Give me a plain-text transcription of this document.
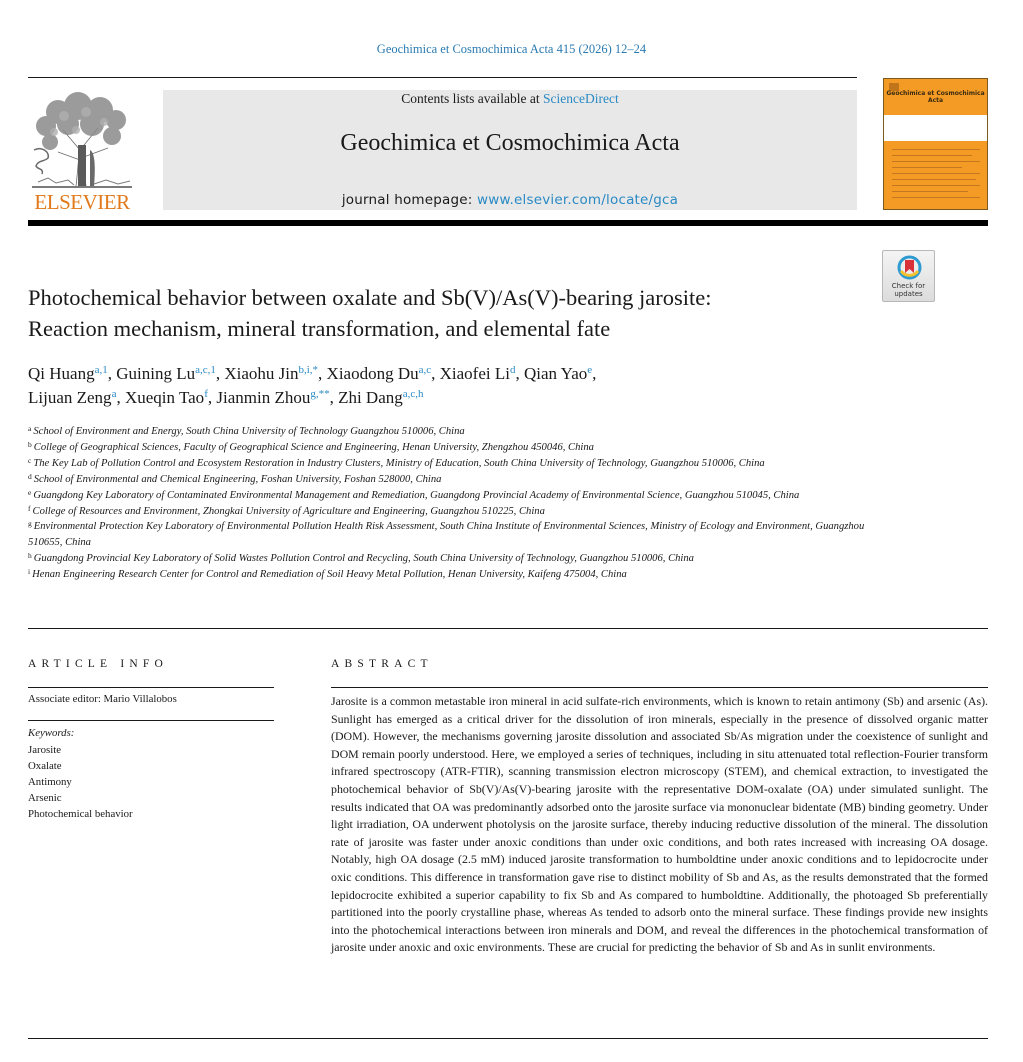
Geochimica et Cosmochimica Acta 415 (2026) 12–24
ELSEVIER
Contents lists available at ScienceDirect
Geochimica et Cosmochimica Acta
journal homepage: www.elsevier.com/locate/gca
Geochimica et Cosmochimica Acta
Check for
updates
Photochemical behavior between oxalate and Sb(V)/As(V)-bearing jarosite:
Reaction mechanism, mineral transformation, and elemental fate
Qi Huang$^{a,1}$, Guining Lu$^{a,c,1}$, Xiaohu Jin$^{b,i,*}$, Xiaodong Du$^{a,c}$, Xiaofei Li$^d$, Qian Yao$^e$,
Lijuan Zeng$^a$, Xueqin Tao$^f$, Jianmin Zhou$^{g,**}$, Zhi Dang$^{a,c,h}$
$^a$ School of Environment and Energy, South China University of Technology Guangzhou 510006, China
$^b$ College of Geographical Sciences, Faculty of Geographical Science and Engineering, Henan University, Zhengzhou 450046, China
$^c$ The Key Lab of Pollution Control and Ecosystem Restoration in Industry Clusters, Ministry of Education, South China University of Technology, Guangzhou 510006, China
$^d$ School of Environmental and Chemical Engineering, Foshan University, Foshan 528000, China
$^e$ Guangdong Key Laboratory of Contaminated Environmental Management and Remediation, Guangdong Provincial Academy of Environmental Science, Guangzhou 510045, China
$^f$ College of Resources and Environment, Zhongkai University of Agriculture and Engineering, Guangzhou 510225, China
$^g$ Environmental Protection Key Laboratory of Environmental Pollution Health Risk Assessment, South China Institute of Environmental Sciences, Ministry of Ecology and Environment, Guangzhou 510655, China
$^h$ Guangdong Provincial Key Laboratory of Solid Wastes Pollution Control and Recycling, South China University of Technology, Guangzhou 510006, China
$^i$ Henan Engineering Research Center for Control and Remediation of Soil Heavy Metal Pollution, Henan University, Kaifeng 475004, China
ARTICLE INFO
Associate editor: Mario Villalobos
Keywords:
Jarosite
Oxalate
Antimony
Arsenic
Photochemical behavior
ABSTRACT
Jarosite is a common metastable iron mineral in acid sulfate-rich environments, which is known to retain antimony (Sb) and arsenic (As). Sunlight has emerged as a critical driver for the dissolution of iron minerals, especially in the presence of dissolved organic matter (DOM). However, the mechanisms governing jarosite dissolution and associated Sb/As migration under the coexistence of sunlight and DOM remain poorly understood. Here, we employed a series of techniques, including in situ attenuated total reflection-Fourier transform infrared spectroscopy (ATR-FTIR), scanning transmission electron microscopy (STEM), and chemical extraction, to investigated the photochemical behavior of Sb(V)/As(V)-bearing jarosite with the representative DOM-oxalate (OA) under simulated sunlight. The results indicated that OA was predominantly adsorbed onto the jarosite surface via mononuclear bidentate (MB) binding geometry. Under light irradiation, OA underwent photolysis on the jarosite surface, thereby inducing reductive dissolution of the mineral. The dissolution rate of jarosite was faster under anoxic conditions than under oxic conditions, and both rates increased with increasing OA dosage. Notably, high OA dosage (2.5 mM) induced jarosite transformation to humboldtine under anoxic conditions and to lepidocrocite under oxic conditions. This difference in transformation gave rise to distinct mobility of Sb and As, as the results demonstrated that the formed lepidocrocite exhibited a superior capability to fix Sb and As compared to humboldtine. Additionally, the photoaged Sb preferentially partitioned into the poorly crystalline phase, whereas As tended to adsorb onto the mineral surface. These findings provide new insights into the photochemical interactions between iron minerals and DOM, and reveal the differences in the photochemical transformation of jarosite under anoxic and oxic environments. These are crucial for predicting the behavior of Sb and As in sunlit environments.
